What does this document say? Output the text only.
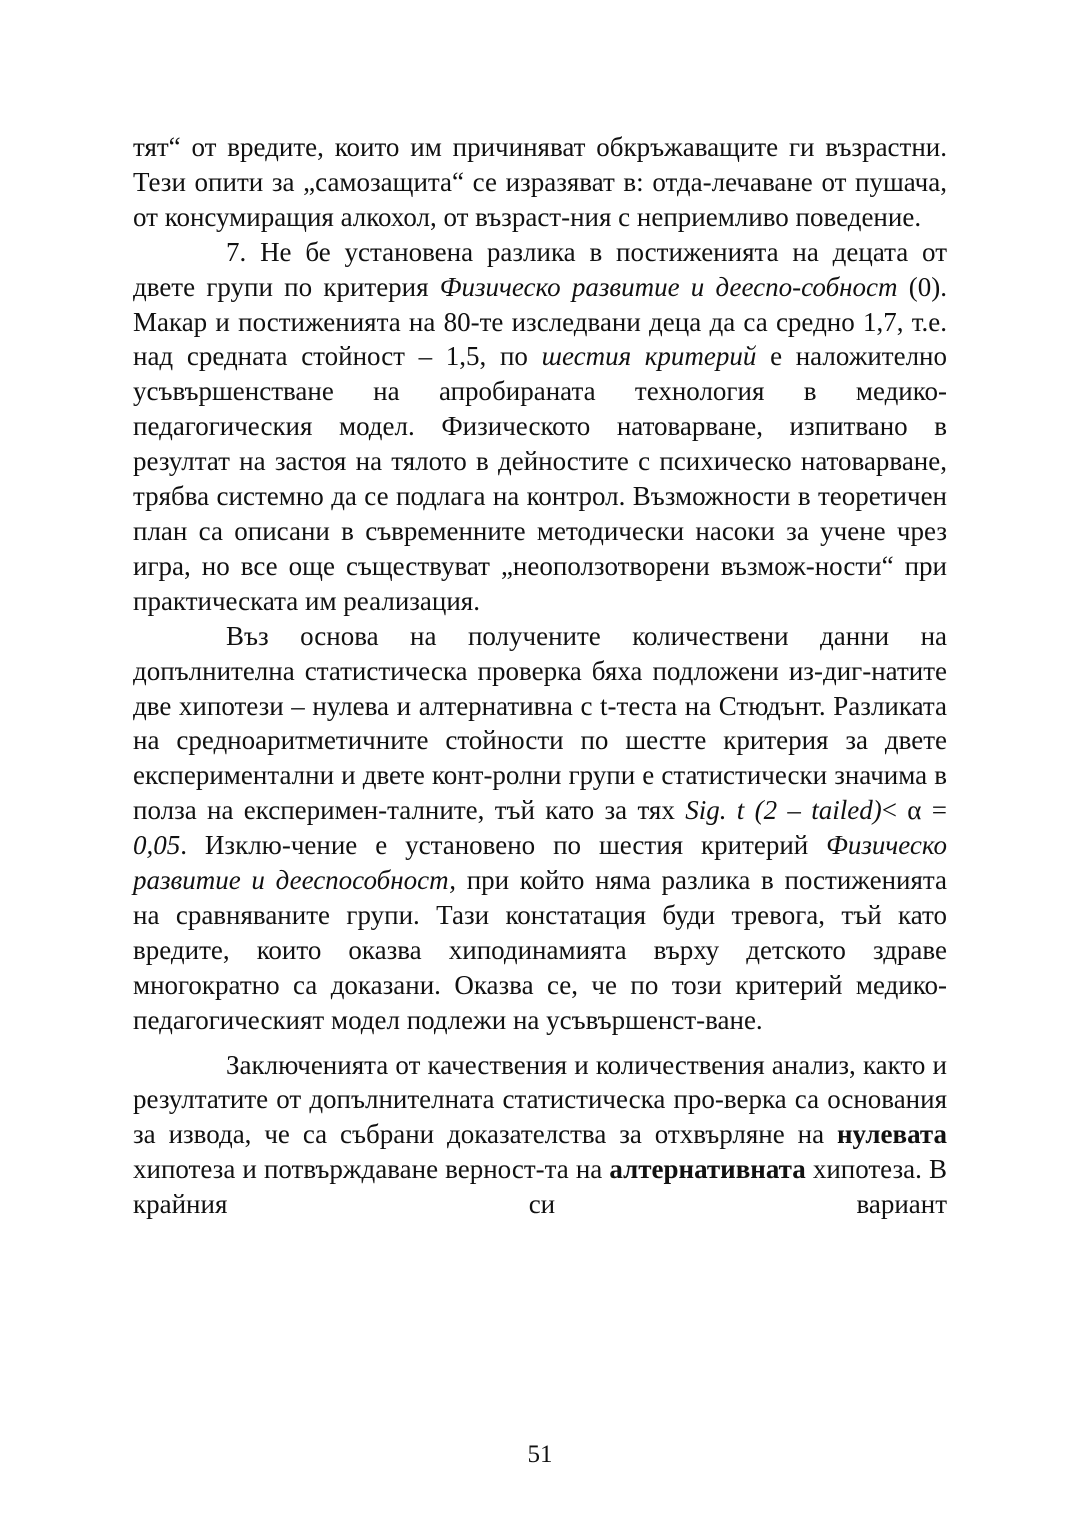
тят“ от вредите, които им причиняват обкръжаващите ги възрастни. Тези опити за „самозащита“ се изразяват в: отда-лечаване от пушача, от консумиращия алкохол, от възраст-ния с неприемливо поведение.

7. Не бе установена разлика в постиженията на децата от двете групи по критерия Физическо развитие и дееспо-собност (0). Макар и постиженията на 80-те изследвани деца да са средно 1,7, т.е. над средната стойност – 1,5, по шестия критерий е наложително усъвършенстване на апробираната технология в медико-педагогическия модел. Физическото натоварване, изпитвано в резултат на застоя на тялото в дейностите с психическо натоварване, трябва системно да се подлага на контрол. Възможности в теоретичен план са описани в съвременните методически насоки за учене чрез игра, но все още съществуват „неоползотворени възмож-ности“ при практическата им реализация.

Въз основа на получените количествени данни на допълнителна статистическа проверка бяха подложени из-диг-натите две хипотези – нулева и алтернативна с t-теста на Стюдънт. Разликата на средноаритметичните стойности по шестте критерия за двете експериментални и двете конт-ролни групи е статистически значима в полза на експеримен-талните, тъй като за тях Sig. t (2 – tailed)< α = 0,05. Изклю-чение е установено по шестия критерий Физическо развитие и дееспособност, при който няма разлика в постиженията на сравняваните групи. Тази констатация буди тревога, тъй като вредите, които оказва хиподинамията върху детското здраве многократно са доказани. Оказва се, че по този критерий медико-педагогическият модел подлежи на усъвършенст-ване.

Заключенията от качествения и количествения анализ, както и резултатите от допълнителната статистическа про-верка са основания за извода, че са събрани доказателства за отхвърляне на нулевата хипотеза и потвърждаване верност-та на алтернативната хипотеза. В крайния си вариант

51
